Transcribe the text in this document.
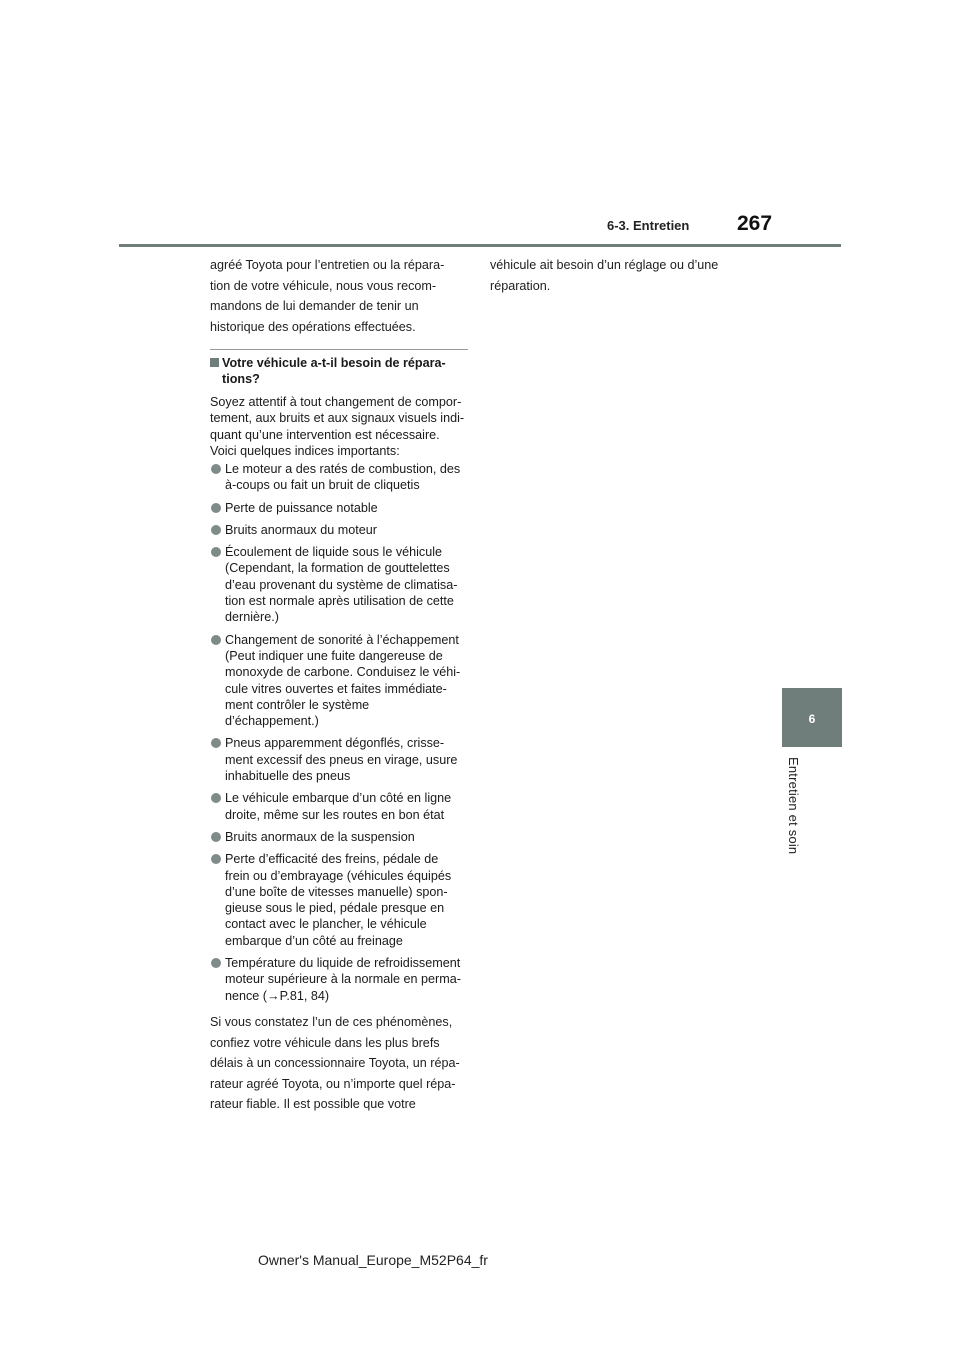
6-3. Entretien 267
6
Entretien et soin

agréé Toyota pour l’entretien ou la répara-

tion de votre véhicule, nous vous recom-

mandons de lui demander de tenir un

historique des opérations effectuées.

véhicule ait besoin d’un réglage ou d’une

réparation.

Votre véhicule a-t-il besoin de répara-
tions?
Soyez attentif à tout changement de compor-
tement, aux bruits et aux signaux visuels indi-
quant qu’une intervention est nécessaire.
Voici quelques indices importants:
Le moteur a des ratés de combustion, des
à-coups ou fait un bruit de cliquetis
Perte de puissance notable
Bruits anormaux du moteur
Écoulement de liquide sous le véhicule
(Cependant, la formation de gouttelettes
d’eau provenant du système de climatisa-
tion est normale après utilisation de cette
dernière.)
Changement de sonorité à l’échappement
(Peut indiquer une fuite dangereuse de
monoxyde de carbone. Conduisez le véhi-
cule vitres ouvertes et faites immédiate-
ment contrôler le système
d’échappement.)
Pneus apparemment dégonflés, crisse-
ment excessif des pneus en virage, usure
inhabituelle des pneus
Le véhicule embarque d’un côté en ligne
droite, même sur les routes en bon état
Bruits anormaux de la suspension
Perte d’efficacité des freins, pédale de
frein ou d’embrayage (véhicules équipés
d’une boîte de vitesses manuelle) spon-
gieuse sous le pied, pédale presque en
contact avec le plancher, le véhicule
embarque d’un côté au freinage
Température du liquide de refroidissement
moteur supérieure à la normale en perma-
nence (→P.81, 84)

Si vous constatez l’un de ces phénomènes,

confiez votre véhicule dans les plus brefs

délais à un concessionnaire Toyota, un répa-

rateur agréé Toyota, ou n’importe quel répa-

rateur fiable. Il est possible que votre

Owner's Manual_Europe_M52P64_fr
